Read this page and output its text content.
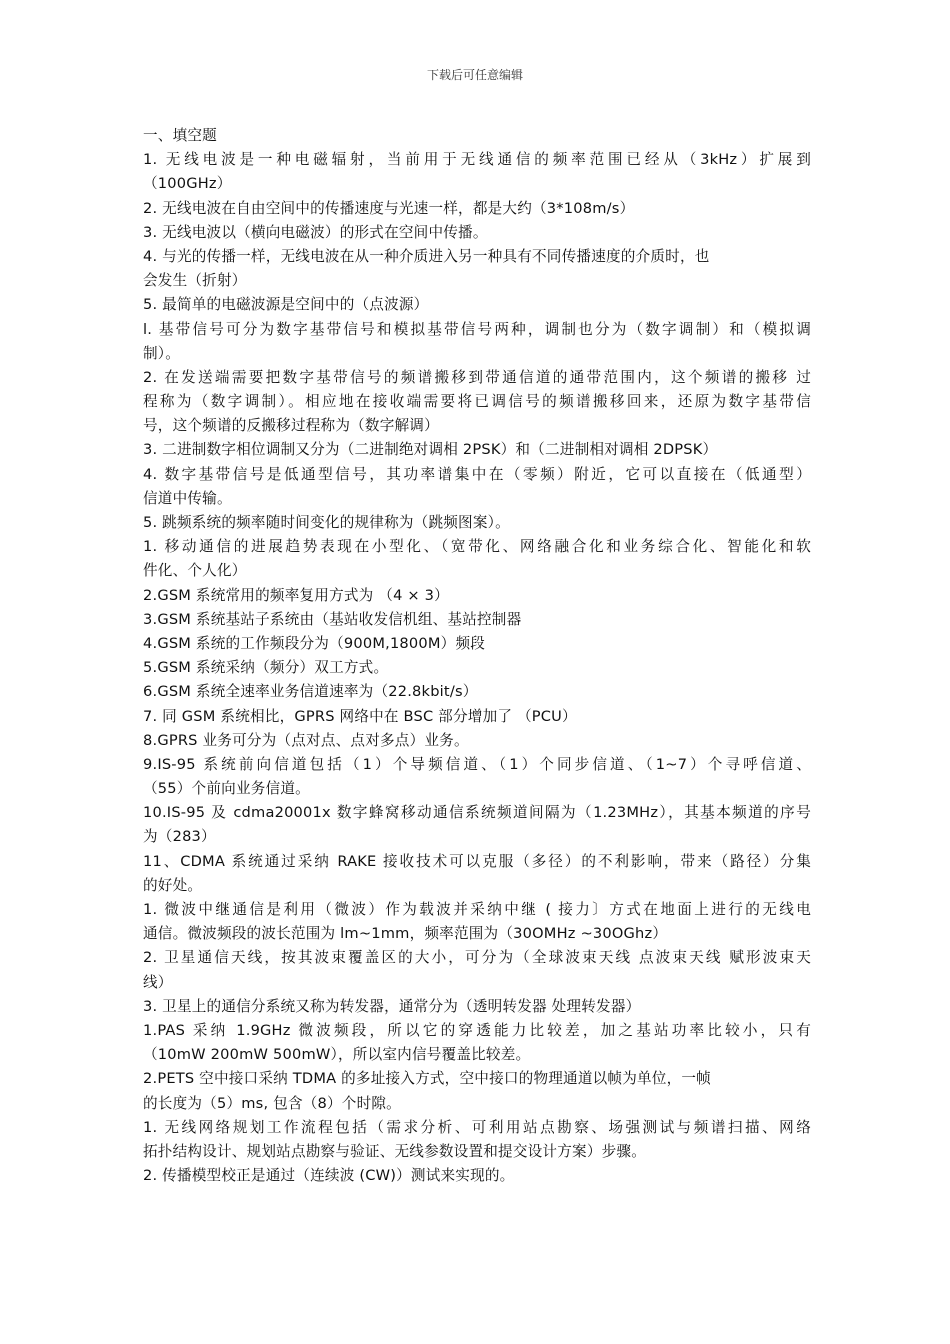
下载后可任意编辑
一、填空题
1. 无线电波是一种电磁辐射，当前用于无线通信的频率范围已经从（3kHz）扩展到
（100GHz）
2. 无线电波在自由空间中的传播速度与光速一样，都是大约（3*108m/s）
3. 无线电波以（横向电磁波）的形式在空间中传播。
4. 与光的传播一样，无线电波在从一种介质进入另一种具有不同传播速度的介质时，也
会发生（折射）
5. 最简单的电磁波源是空间中的（点波源）
l. 基带信号可分为数字基带信号和模拟基带信号两种，调制也分为（数字调制）和（模拟调
制）。
2. 在发送端需要把数字基带信号的频谱搬移到带通信道的通带范围内，这个频谱的搬移 过
程称为（数字调制）。相应地在接收端需要将已调信号的频谱搬移回来，还原为数字基带信
号，这个频谱的反搬移过程称为（数字解调）
3. 二进制数字相位调制又分为（二进制绝对调相 2PSK）和（二进制相对调相 2DPSK）
4. 数字基带信号是低通型信号，其功率谱集中在（零频）附近，它可以直接在（低通型）
信道中传输。
5. 跳频系统的频率随时间变化的规律称为（跳频图案）。
1. 移动通信的进展趋势表现在小型化、（宽带化、网络融合化和业务综合化、智能化和软
件化、个人化）
2.GSM 系统常用的频率复用方式为 （4 × 3）
3.GSM 系统基站子系统由（基站收发信机组、基站控制器
4.GSM 系统的工作频段分为（900M,1800M）频段
5.GSM 系统采纳（频分）双工方式。
6.GSM 系统全速率业务信道速率为（22.8kbit/s）
7. 同 GSM 系统相比，GPRS 网络中在 BSC 部分增加了 （PCU）
8.GPRS 业务可分为（点对点、点对多点）业务。
9.IS-95 系统前向信道包括（1）个导频信道、（1）个同步信道、（1~7）个寻呼信道、
（55）个前向业务信道。
10.IS-95 及 cdma20001x 数字蜂窝移动通信系统频道间隔为（1.23MHz），其基本频道的序号
为（283）
11、CDMA 系统通过采纳 RAKE 接收技术可以克服（多径）的不利影响，带来（路径）分集
的好处。
1. 微波中继通信是利用（微波）作为载波并采纳中继 ( 接力〕方式在地面上进行的无线电
通信。微波频段的波长范围为 lm~1mm，频率范围为（30OMHz ~30OGhz）
2. 卫星通信天线，按其波束覆盖区的大小，可分为（全球波束天线 点波束天线 赋形波束天
线）
3. 卫星上的通信分系统又称为转发器，通常分为（透明转发器 处理转发器）
1.PAS 采纳 1.9GHz 微波频段，所以它的穿透能力比较差，加之基站功率比较小，只有
（10mW 200mW 500mW），所以室内信号覆盖比较差。
2.PETS 空中接口采纳 TDMA 的多址接入方式，空中接口的物理通道以帧为单位，一帧
的长度为（5）ms, 包含（8）个时隙。
1. 无线网络规划工作流程包括（需求分析、可利用站点勘察、场强测试与频谱扫描、网络
拓扑结构设计、规划站点勘察与验证、无线参数设置和提交设计方案）步骤。
2. 传播模型校正是通过（连续波 (CW)）测试来实现的。
